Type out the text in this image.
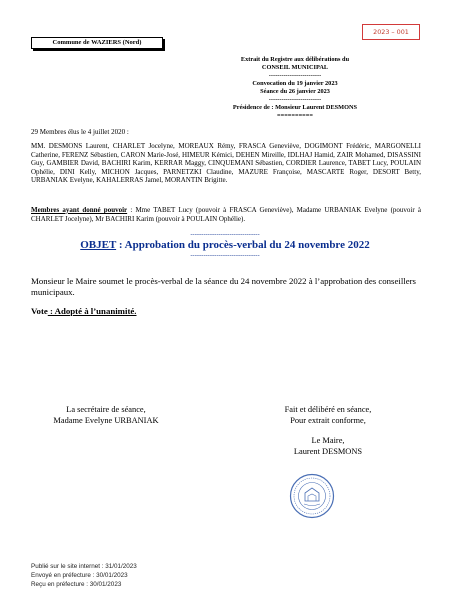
Commune de WAZIERS (Nord)
2023 – 001
Extrait du Registre aux délibérations du
CONSEIL MUNICIPAL
-------------------------
Convocation du 19 janvier 2023
Séance du 26 janvier 2023
-------------------------
Présidence de : Monsieur Laurent DESMONS
==========
29 Membres élus le 4 juillet 2020 :
MM. DESMONS Laurent, CHARLET Jocelyne, MOREAUX Rémy, FRASCA Geneviève, DOGIMONT Frédéric, MARGONELLI Catherine, FERENZ Sébastien, CARON Marie-José, HIMEUR Kémici, DEHEN Mireille, IDLHAJ Hamid, ZAIR Mohamed, DISASSINI Guy, GAMBIER David, BACHIRI Karim, KERRAR Maggy, CINQUEMANI Sébastien, CORDIER Laurence, TABET Lucy, POULAIN Ophélie, DINI Kelly, MICHON Jacques, PARNETZKI Claudine, MAZURE Françoise, MASCARTE Roger, DESORT Betty, URBANIAK Evelyne, KAHALERRAS Jamel, MORANTIN Brigitte.
Membres ayant donné pouvoir : Mme TABET Lucy (pouvoir à FRASCA Geneviève), Madame URBANIAK Evelyne (pouvoir à CHARLET Jocelyne), Mr BACHIRI Karim (pouvoir à POULAIN Ophélie).
--------------------------------
OBJET : Approbation du procès-verbal du 24 novembre 2022
--------------------------------
Monsieur le Maire soumet le procès-verbal de la séance du 24 novembre 2022 à l’approbation des conseillers municipaux.
Vote : Adopté à l’unanimité.
La secrétaire de séance,
Madame Evelyne URBANIAK
Fait et délibéré en séance,
Pour extrait conforme,
Le Maire,
Laurent DESMONS
Publié sur le site internet : 31/01/2023
Envoyé en préfecture : 30/01/2023
Reçu en préfecture : 30/01/2023
